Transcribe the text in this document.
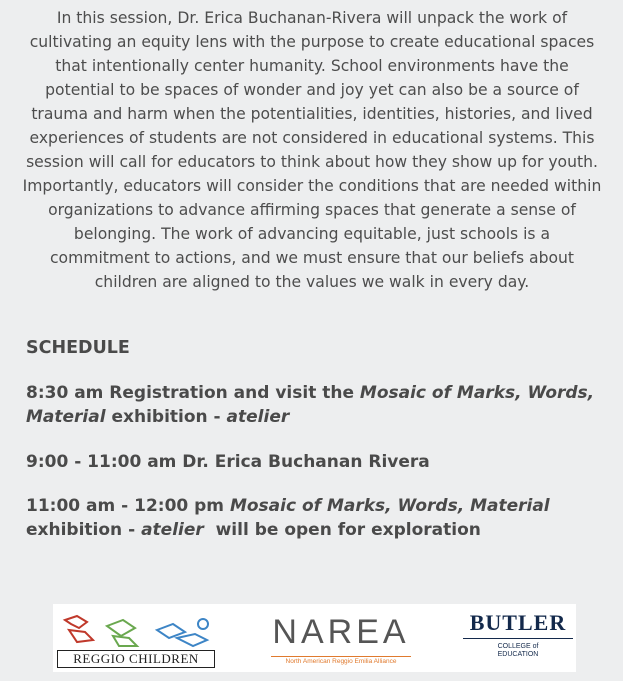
In this session, Dr. Erica Buchanan-Rivera will unpack the work of cultivating an equity lens with the purpose to create educational spaces that intentionally center humanity. School environments have the potential to be spaces of wonder and joy yet can also be a source of trauma and harm when the potentialities, identities, histories, and lived experiences of students are not considered in educational systems. This session will call for educators to think about how they show up for youth. Importantly, educators will consider the conditions that are needed within organizations to advance affirming spaces that generate a sense of belonging. The work of advancing equitable, just schools is a commitment to actions, and we must ensure that our beliefs about children are aligned to the values we walk in every day.

SCHEDULE

8:30 am Registration and visit the Mosaic of Marks, Words, Material exhibition - atelier

9:00 - 11:00 am Dr. Erica Buchanan Rivera

11:00 am - 12:00 pm Mosaic of Marks, Words, Material exhibition - atelier  will be open for exploration

REGGIO CHILDREN
NAREA
North American Reggio Emilia Alliance
BUTLER
COLLEGE of
EDUCATION
